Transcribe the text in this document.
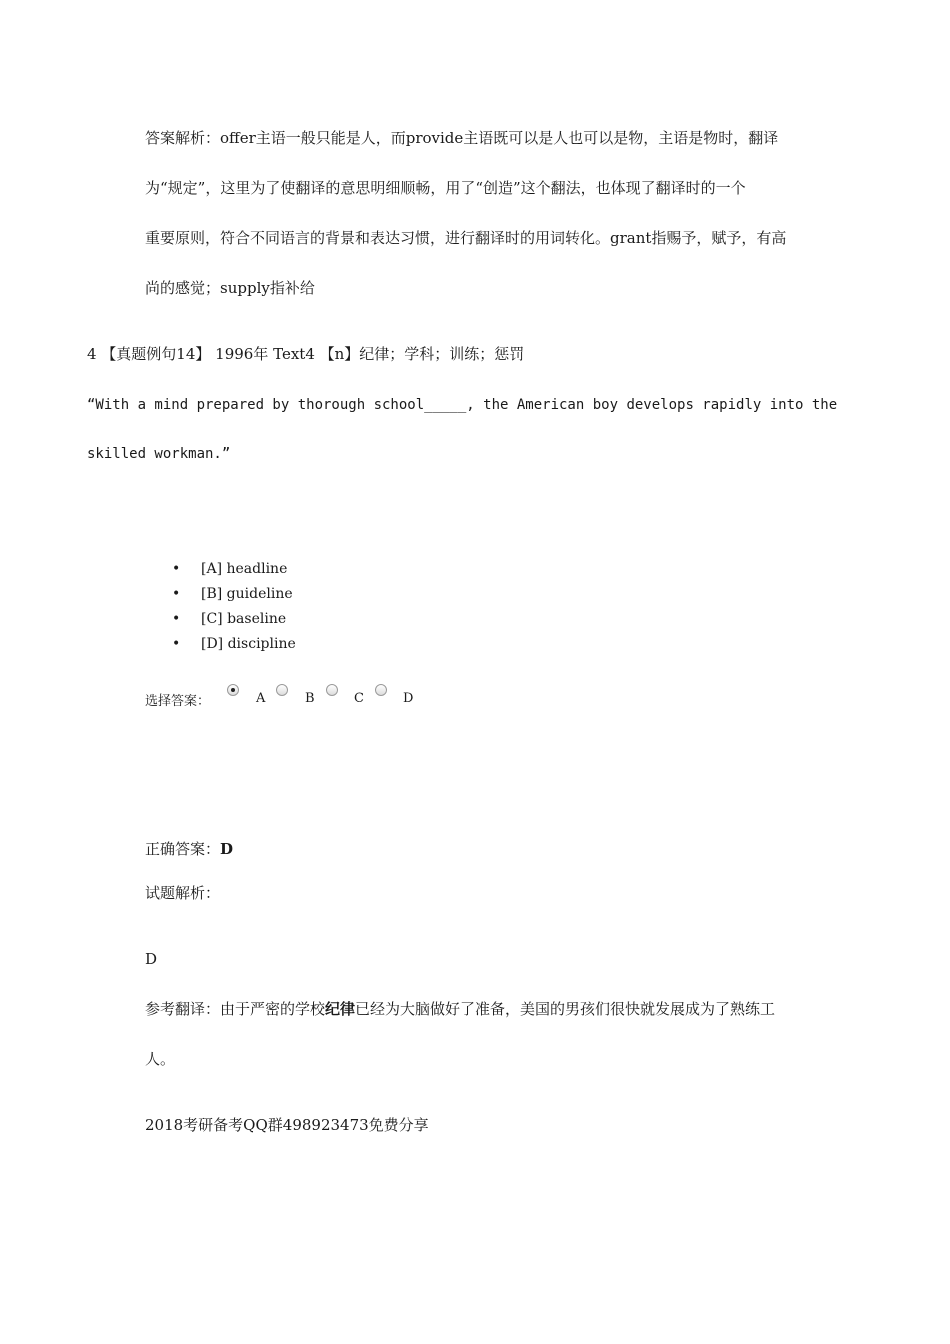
答案解析：offer主语一般只能是人，而provide主语既可以是人也可以是物，主语是物时，翻译
为“规定”，这里为了使翻译的意思明细顺畅，用了“创造”这个翻法，也体现了翻译时的一个
重要原则，符合不同语言的背景和表达习惯，进行翻译时的用词转化。grant指赐予，赋予，有高
尚的感觉；supply指补给
4 【真题例句14】 1996年 Text4 【n】纪律；学科；训练；惩罚
“With a mind prepared by thorough school_____, the American boy develops rapidly into the
skilled workman.”
• [A] headline
• [B] guideline
• [C] baseline
• [D] discipline
选择答案：	A	B	C	D
正确答案：D
试题解析：
D
参考翻译：由于严密的学校纪律已经为大脑做好了准备，美国的男孩们很快就发展成为了熟练工
人。
2018考研备考QQ群498923473免费分享
